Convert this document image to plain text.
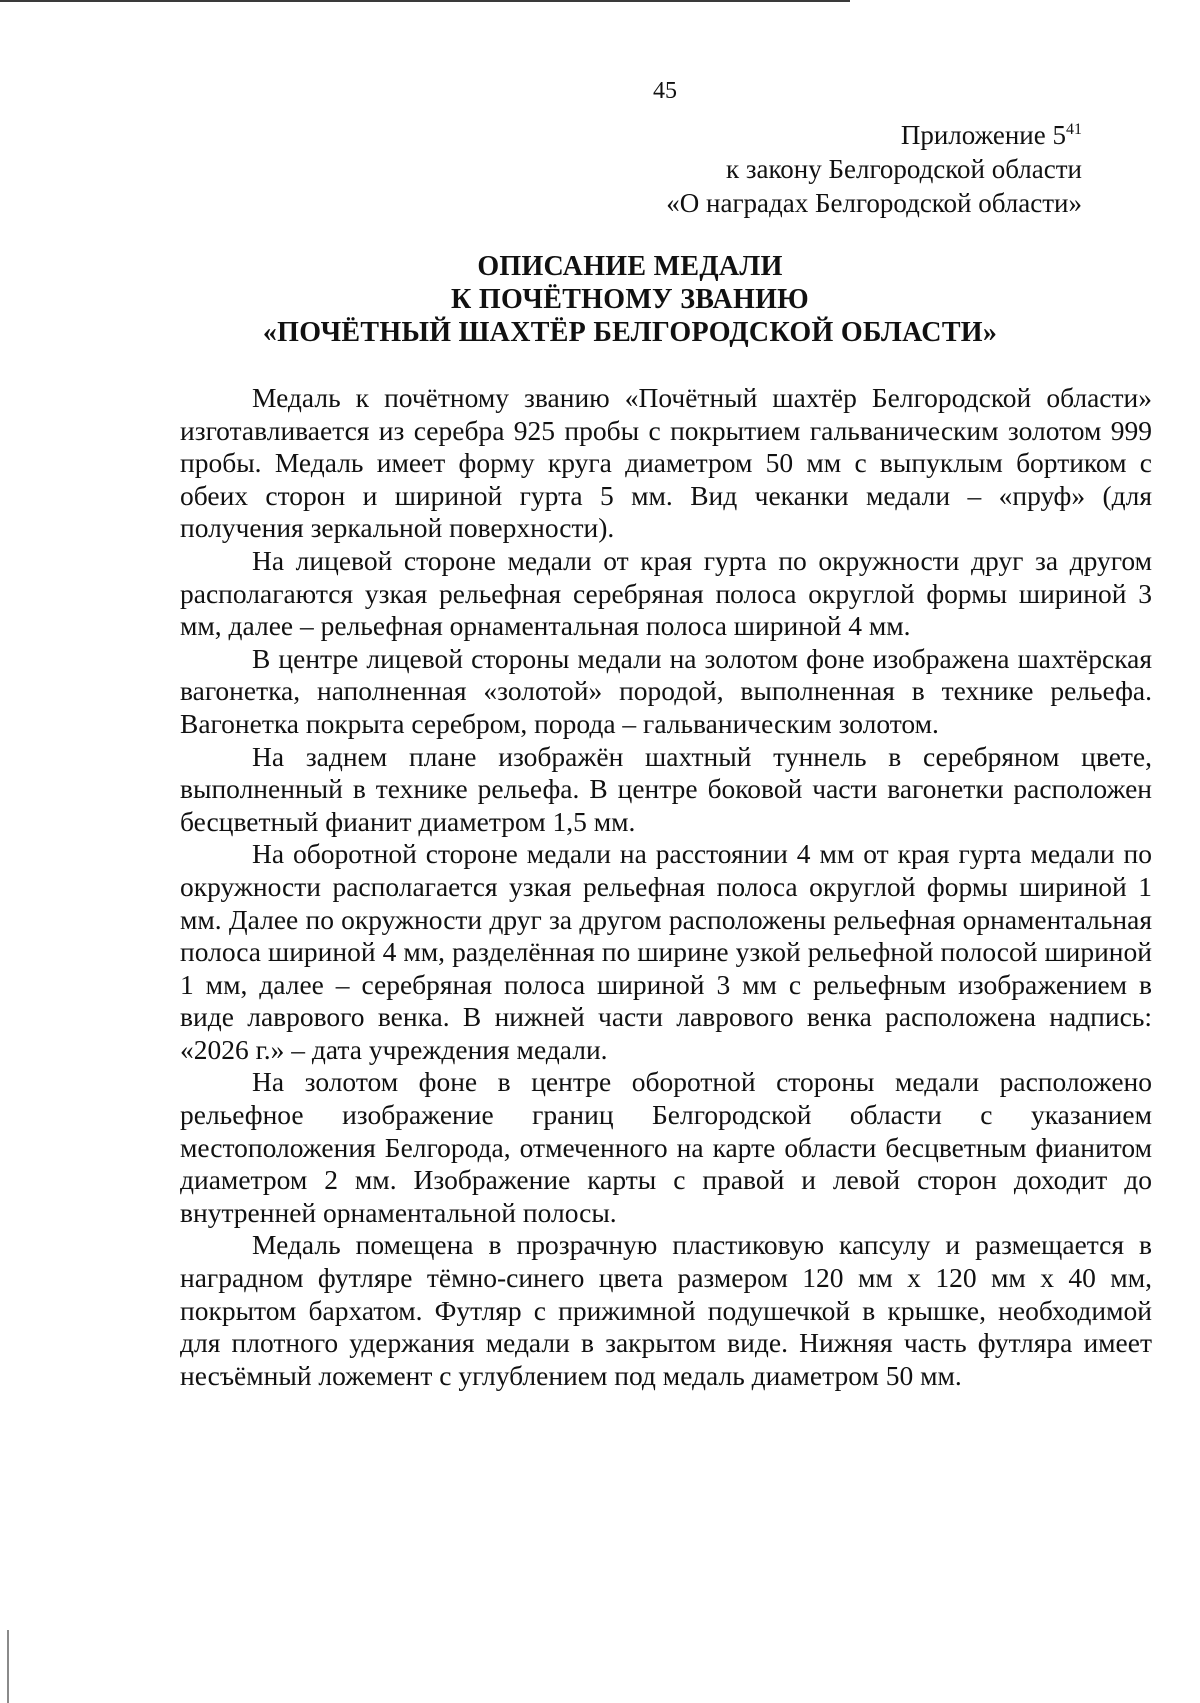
45
Приложение $5^{41}$
к закону Белгородской области
«О наградах Белгородской области»
ОПИСАНИЕ МЕДАЛИ
К ПОЧЁТНОМУ ЗВАНИЮ
«ПОЧЁТНЫЙ ШАХТЁР БЕЛГОРОДСКОЙ ОБЛАСТИ»

Медаль к почётному званию «Почётный шахтёр Белгородской области» изготавливается из серебра 925 пробы с покрытием гальваническим золотом 999 пробы. Медаль имеет форму круга диаметром 50 мм с выпуклым бортиком с обеих сторон и шириной гурта 5 мм. Вид чеканки медали – «пруф» (для получения зеркальной поверхности).

На лицевой стороне медали от края гурта по окружности друг за другом располагаются узкая рельефная серебряная полоса округлой формы шириной 3 мм, далее – рельефная орнаментальная полоса шириной 4 мм.

В центре лицевой стороны медали на золотом фоне изображена шахтёрская вагонетка, наполненная «золотой» породой, выполненная в технике рельефа. Вагонетка покрыта серебром, порода – гальваническим золотом.

На заднем плане изображён шахтный туннель в серебряном цвете, выполненный в технике рельефа. В центре боковой части вагонетки расположен бесцветный фианит диаметром 1,5 мм.

На оборотной стороне медали на расстоянии 4 мм от края гурта медали по окружности располагается узкая рельефная полоса округлой формы шириной 1 мм. Далее по окружности друг за другом расположены рельефная орнаментальная полоса шириной 4 мм, разделённая по ширине узкой рельефной полосой шириной 1 мм, далее – серебряная полоса шириной 3 мм с рельефным изображением в виде лаврового венка. В нижней части лаврового венка расположена надпись: «2026 г.» – дата учреждения медали.

На золотом фоне в центре оборотной стороны медали расположено рельефное изображение границ Белгородской области с указанием местоположения Белгорода, отмеченного на карте области бесцветным фианитом диаметром 2 мм. Изображение карты с правой и левой сторон доходит до внутренней орнаментальной полосы.

Медаль помещена в прозрачную пластиковую капсулу и размещается в наградном футляре тёмно-синего цвета размером 120 мм х 120 мм х 40 мм, покрытом бархатом. Футляр с прижимной подушечкой в крышке, необходимой для плотного удержания медали в закрытом виде. Нижняя часть футляра имеет несъёмный ложемент с углублением под медаль диаметром 50 мм.
